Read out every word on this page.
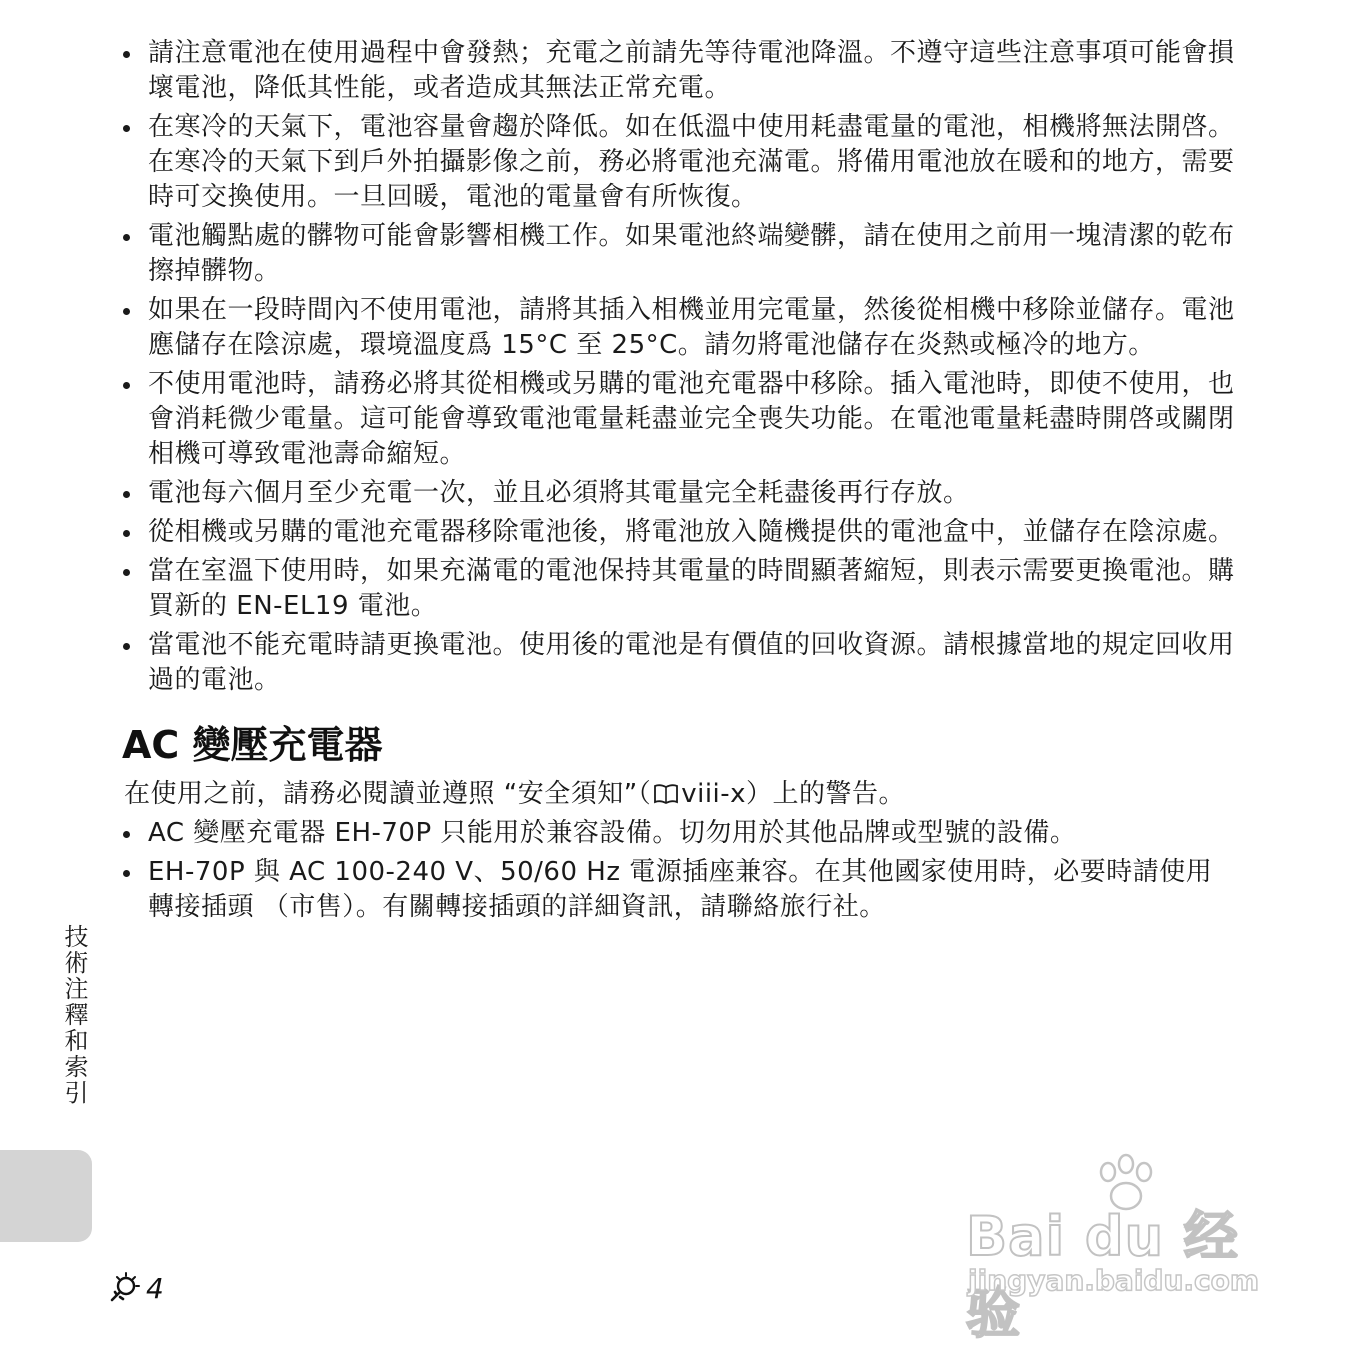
請注意電池在使用過程中會發熱；充電之前請先等待電池降溫。不遵守這些注意事項可能會損壞電池，降低其性能，或者造成其無法正常充電。
在寒冷的天氣下，電池容量會趨於降低。如在低溫中使用耗盡電量的電池，相機將無法開啓。在寒冷的天氣下到戶外拍攝影像之前，務必將電池充滿電。將備用電池放在暖和的地方，需要時可交換使用。一旦回暖，電池的電量會有所恢復。
電池觸點處的髒物可能會影響相機工作。如果電池終端變髒，請在使用之前用一塊清潔的乾布擦掉髒物。
如果在一段時間內不使用電池，請將其插入相機並用完電量，然後從相機中移除並儲存。電池應儲存在陰涼處，環境溫度爲 15°C 至 25°C。請勿將電池儲存在炎熱或極冷的地方。
不使用電池時，請務必將其從相機或另購的電池充電器中移除。插入電池時，即使不使用，也會消耗微少電量。這可能會導致電池電量耗盡並完全喪失功能。在電池電量耗盡時開啓或關閉相機可導致電池壽命縮短。
電池每六個月至少充電一次，並且必須將其電量完全耗盡後再行存放。
從相機或另購的電池充電器移除電池後，將電池放入隨機提供的電池盒中，並儲存在陰涼處。
當在室溫下使用時，如果充滿電的電池保持其電量的時間顯著縮短，則表示需要更換電池。購買新的 EN-EL19 電池。
當電池不能充電時請更換電池。使用後的電池是有價值的回收資源。請根據當地的規定回收用過的電池。
AC 變壓充電器

在使用之前，請務必閱讀並遵照 “安全須知”（ viii-x）上的警告。

AC 變壓充電器 EH-70P 只能用於兼容設備。切勿用於其他品牌或型號的設備。
EH-70P 與 AC 100-240 V、50/60 Hz 電源插座兼容。在其他國家使用時，必要時請使用轉接插頭 （市售）。有關轉接插頭的詳細資訊，請聯絡旅行社。
技術注釋和索引
4
Bai du 经验
jingyan.baidu.com
